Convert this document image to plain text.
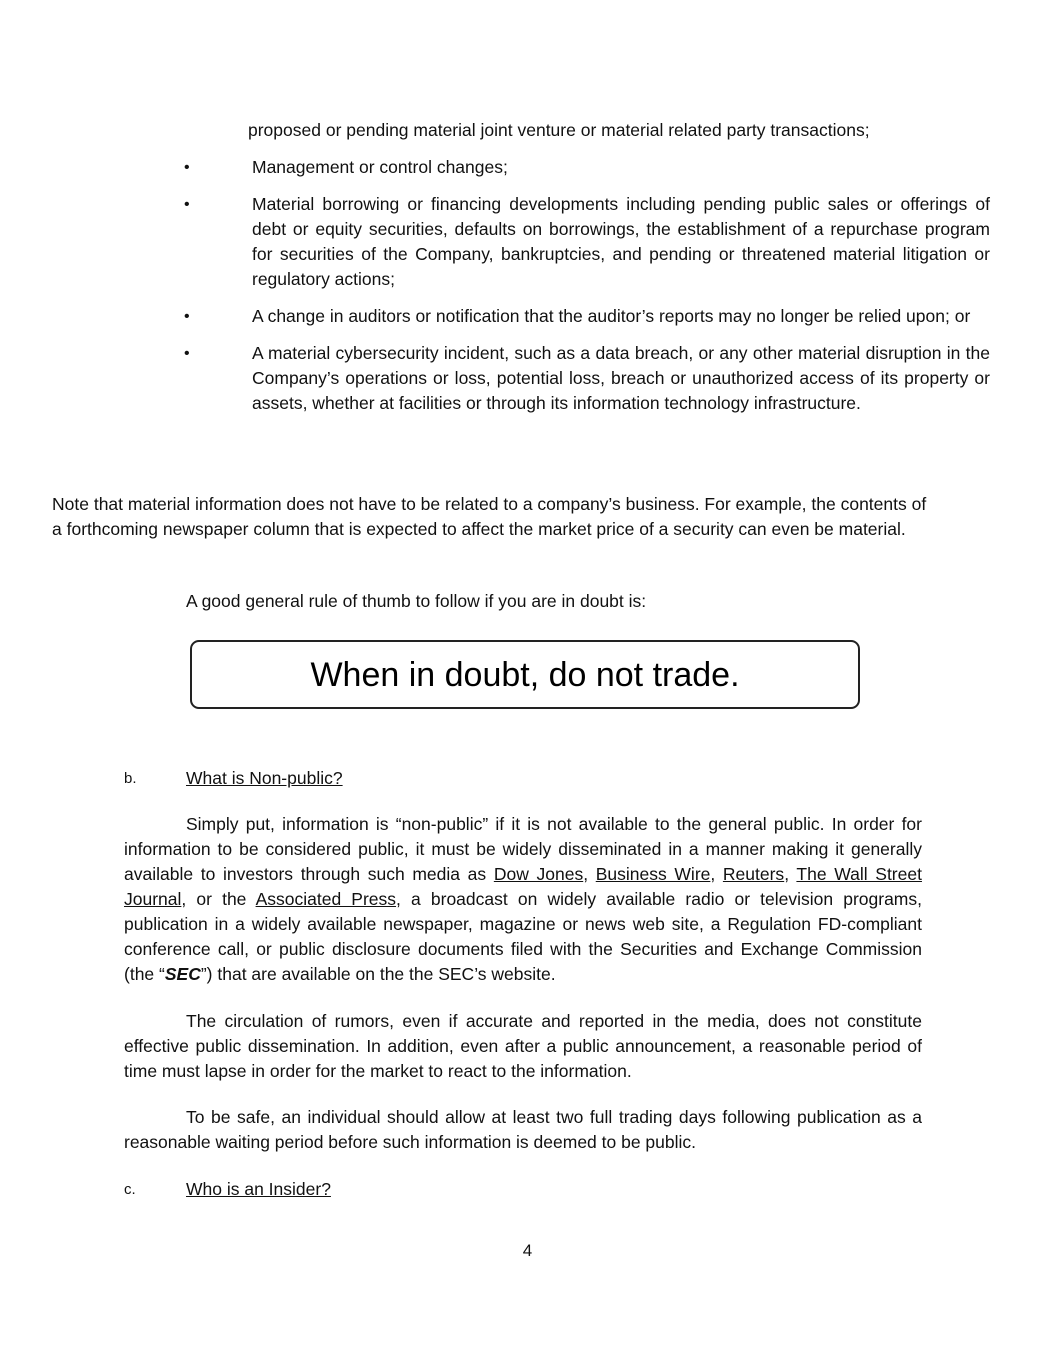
proposed or pending material joint venture or material related party transactions;
•	Management or control changes;
•	Material borrowing or financing developments including pending public sales or offerings of debt or equity securities, defaults on borrowings, the establishment of a repurchase program for securities of the Company, bankruptcies, and pending or threatened material litigation or regulatory actions;
•	A change in auditors or notification that the auditor’s reports may no longer be relied upon; or
•	A material cybersecurity incident, such as a data breach, or any other material disruption in the Company’s operations or loss, potential loss, breach or unauthorized access of its property or assets, whether at facilities or through its information technology infrastructure.
Note that material information does not have to be related to a company’s business. For example, the contents of a forthcoming newspaper column that is expected to affect the market price of a security can even be material.
A good general rule of thumb to follow if you are in doubt is:
When in doubt, do not trade.
b.	What is Non-public?
Simply put, information is “non-public” if it is not available to the general public. In order for information to be considered public, it must be widely disseminated in a manner making it generally available to investors through such media as Dow Jones, Business Wire, Reuters, The Wall Street Journal, or the Associated Press, a broadcast on widely available radio or television programs, publication in a widely available newspaper, magazine or news web site, a Regulation FD-compliant conference call, or public disclosure documents filed with the Securities and Exchange Commission (the “SEC”) that are available on the the SEC’s website.
The circulation of rumors, even if accurate and reported in the media, does not constitute effective public dissemination. In addition, even after a public announcement, a reasonable period of time must lapse in order for the market to react to the information.
To be safe, an individual should allow at least two full trading days following publication as a reasonable waiting period before such information is deemed to be public.
c.	Who is an Insider?
4
